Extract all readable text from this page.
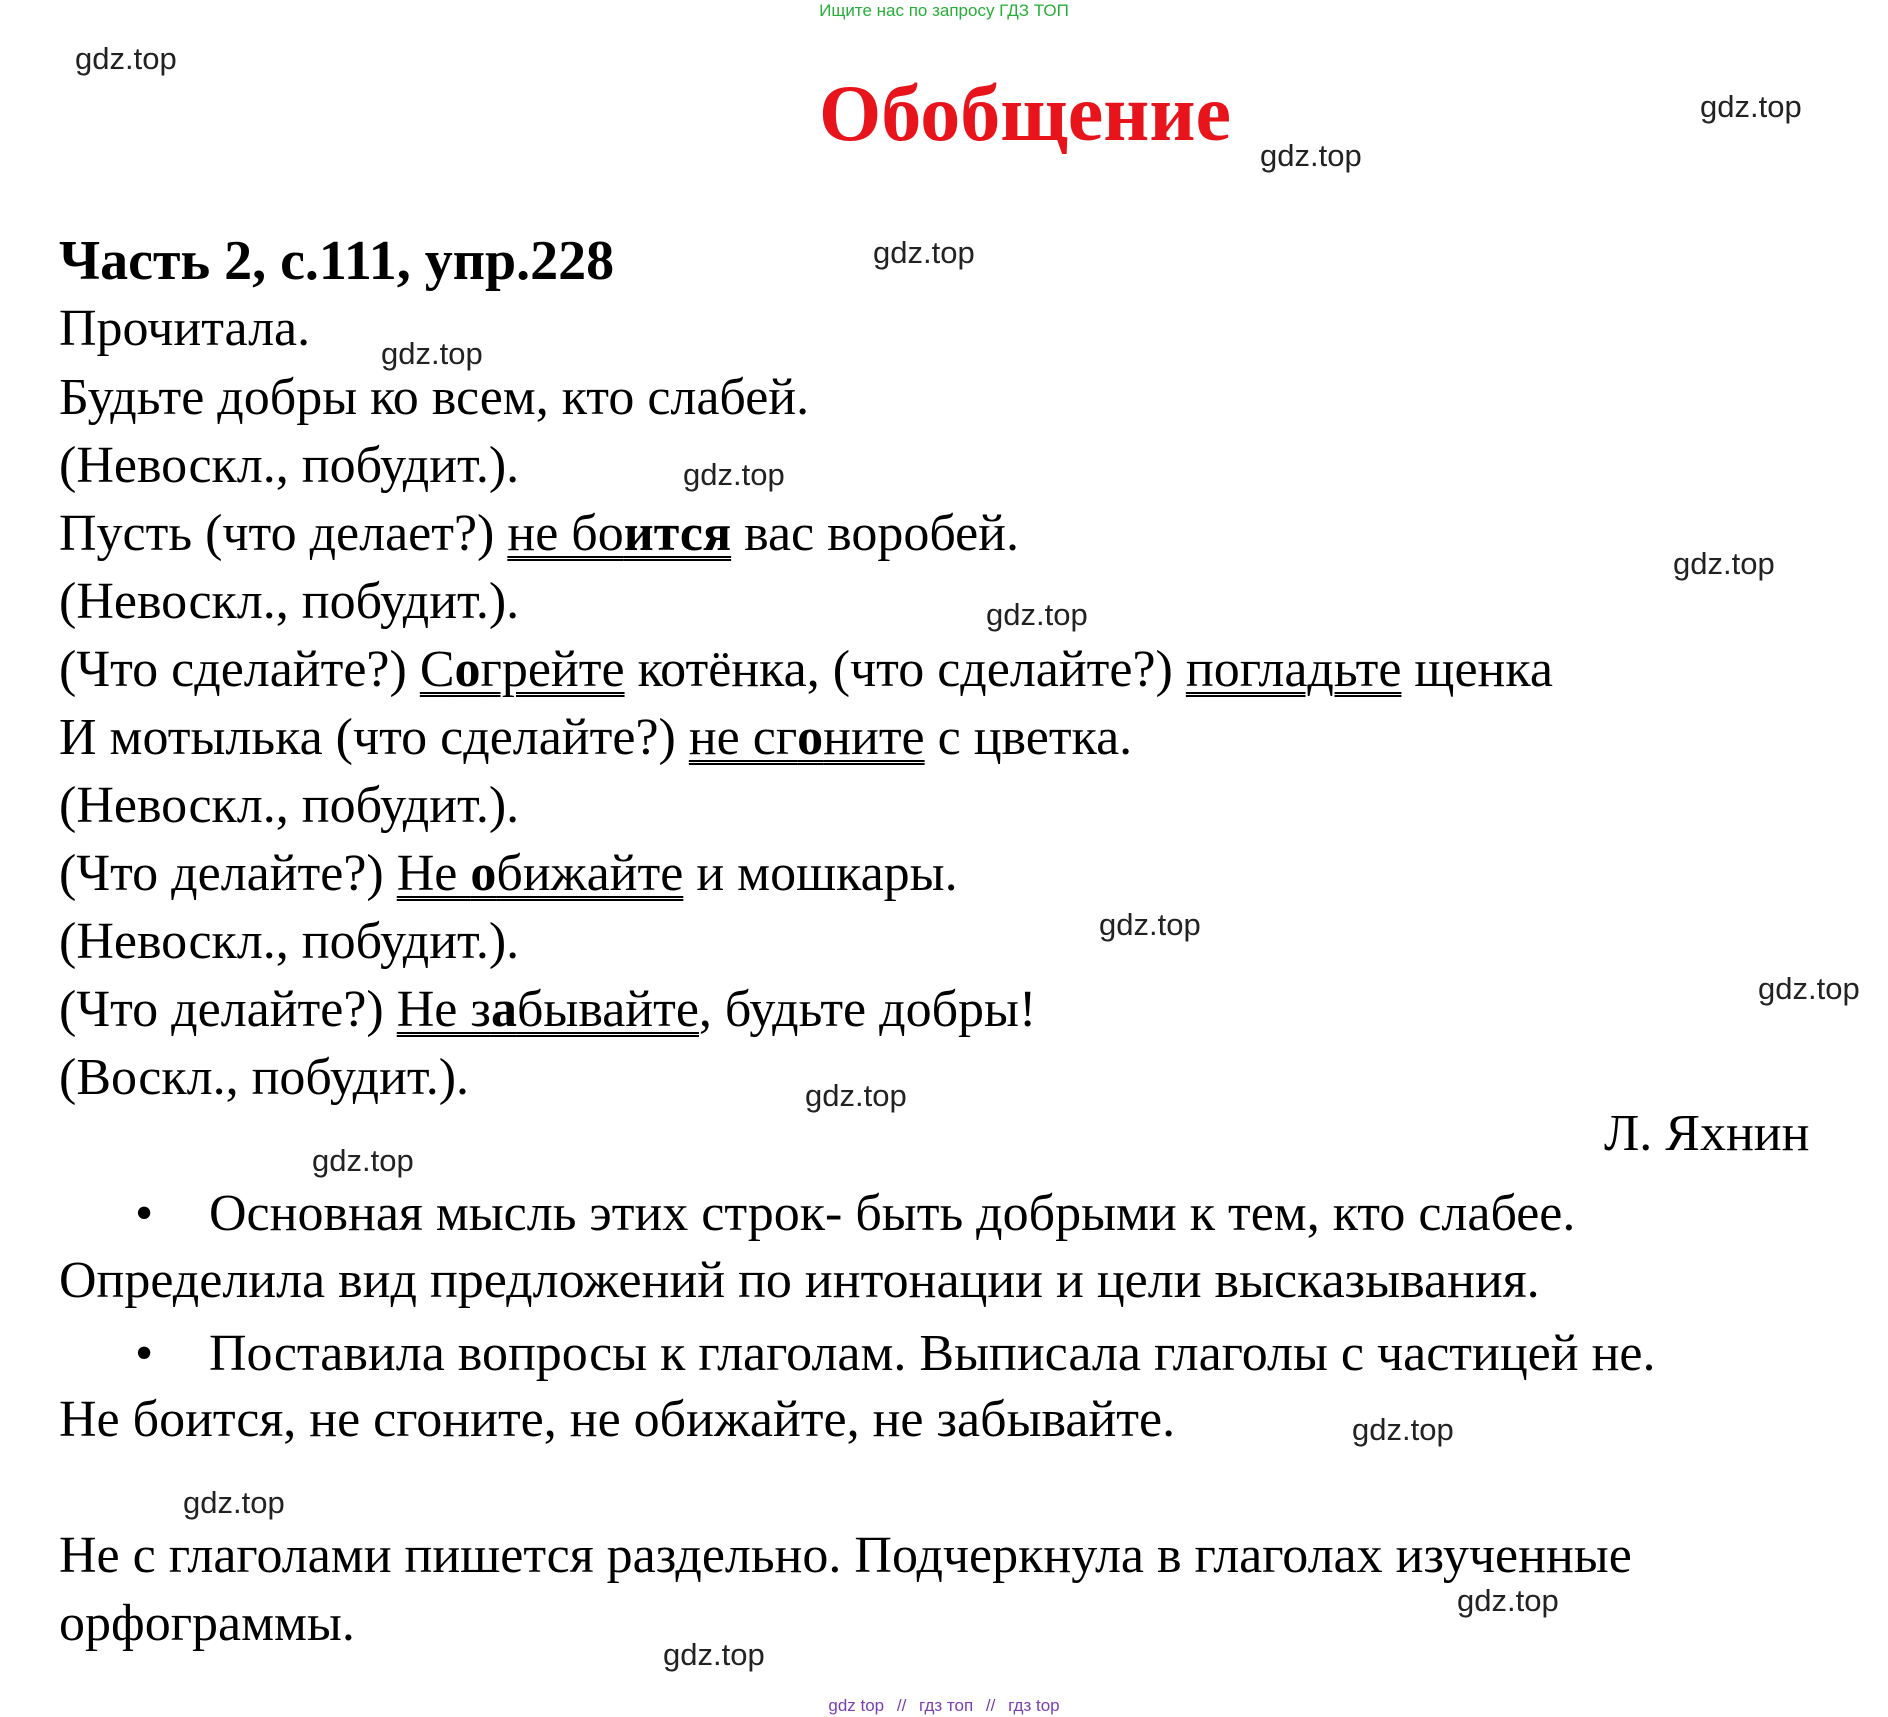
Ищите нас по запросу ГДЗ ТОП
Обобщение
Часть 2, с.111, упр.228
Прочитала.
Будьте добры ко всем, кто слабей.
(Невоскл., побудит.).
Пусть (что делает?) не боится вас воробей.
(Невоскл., побудит.).
(Что сделайте?) Согрейте котёнка, (что сделайте?) погладьте щенка
И мотылька (что сделайте?) не сгоните с цветка.
(Невоскл., побудит.).
(Что делайте?) Не обижайте и мошкары.
(Невоскл., побудит.).
(Что делайте?) Не забывайте, будьте добры!
(Воскл., побудит.).
Л. Яхнин
• Основная мысль этих строк- быть добрыми к тем, кто слабее.
Определила вид предложений по интонации и цели высказывания.
• Поставила вопросы к глаголам. Выписала глаголы с частицей не.
Не боится, не сгоните, не обижайте, не забывайте.
Не с глаголами пишется раздельно. Подчеркнула в глаголах изученные
орфограммы.
gdz.top
gdz.top
gdz.top
gdz.top
gdz.top
gdz.top
gdz.top
gdz.top
gdz.top
gdz.top
gdz.top
gdz.top
gdz.top
gdz.top
gdz.top
gdz.top
gdz top // гдз топ // гдз top
